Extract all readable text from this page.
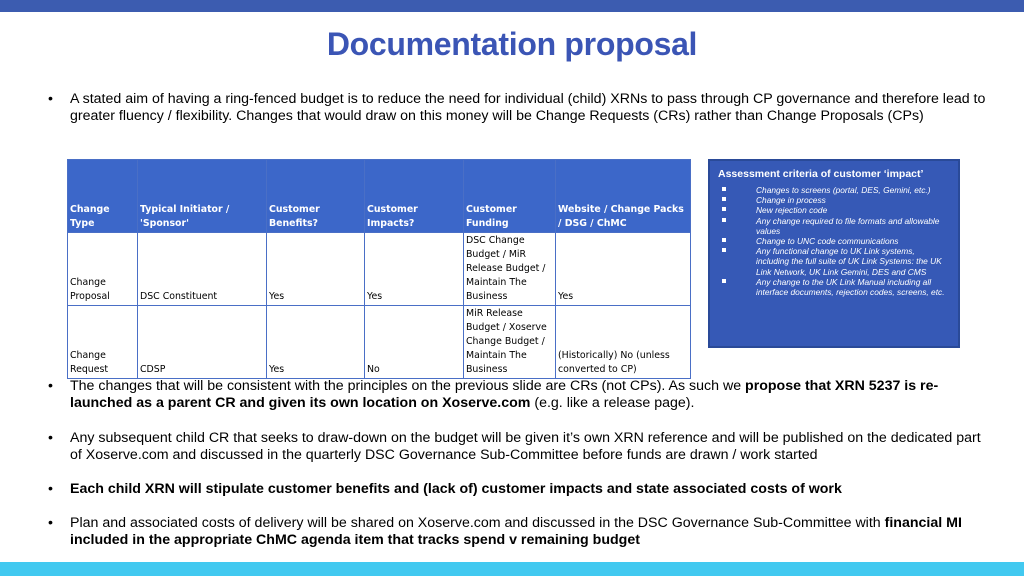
Documentation proposal
• A stated aim of having a ring-fenced budget is to reduce the need for individual (child) XRNs to pass through CP governance and therefore lead to greater fluency / flexibility. Changes that would draw on this money will be Change Requests (CRs) rather than Change Proposals (CPs)
Change Type	Typical Initiator / 'Sponsor'	Customer Benefits?	Customer Impacts?	Customer Funding	Website / Change Packs / DSG / ChMC
Change Proposal	DSC Constituent	Yes	Yes	DSC Change Budget / MiR Release Budget / Maintain The Business	Yes
Change Request	CDSP	Yes	No	MiR Release Budget / Xoserve Change Budget / Maintain The Business	(Historically) No (unless converted to CP)
Assessment criteria of customer ‘impact’
Changes to screens (portal, DES, Gemini, etc.)
Change in process
New rejection code
Any change required to file formats and allowable values
Change to UNC code communications
Any functional change to UK Link systems, including the full suite of UK Link Systems: the UK Link Network, UK Link Gemini, DES and CMS
Any change to the UK Link Manual including all interface documents, rejection codes, screens, etc.
• The changes that will be consistent with the principles on the previous slide are CRs (not CPs). As such we propose that XRN 5237 is re-launched as a parent CR and given its own location on Xoserve.com (e.g. like a release page).
• Any subsequent child CR that seeks to draw-down on the budget will be given it’s own XRN reference and will be published on the dedicated part of Xoserve.com and discussed in the quarterly DSC Governance Sub-Committee before funds are drawn / work started
• Each child XRN will stipulate customer benefits and (lack of) customer impacts and state associated costs of work
• Plan and associated costs of delivery will be shared on Xoserve.com and discussed in the DSC Governance Sub-Committee with financial MI included in the appropriate ChMC agenda item that tracks spend v remaining budget
